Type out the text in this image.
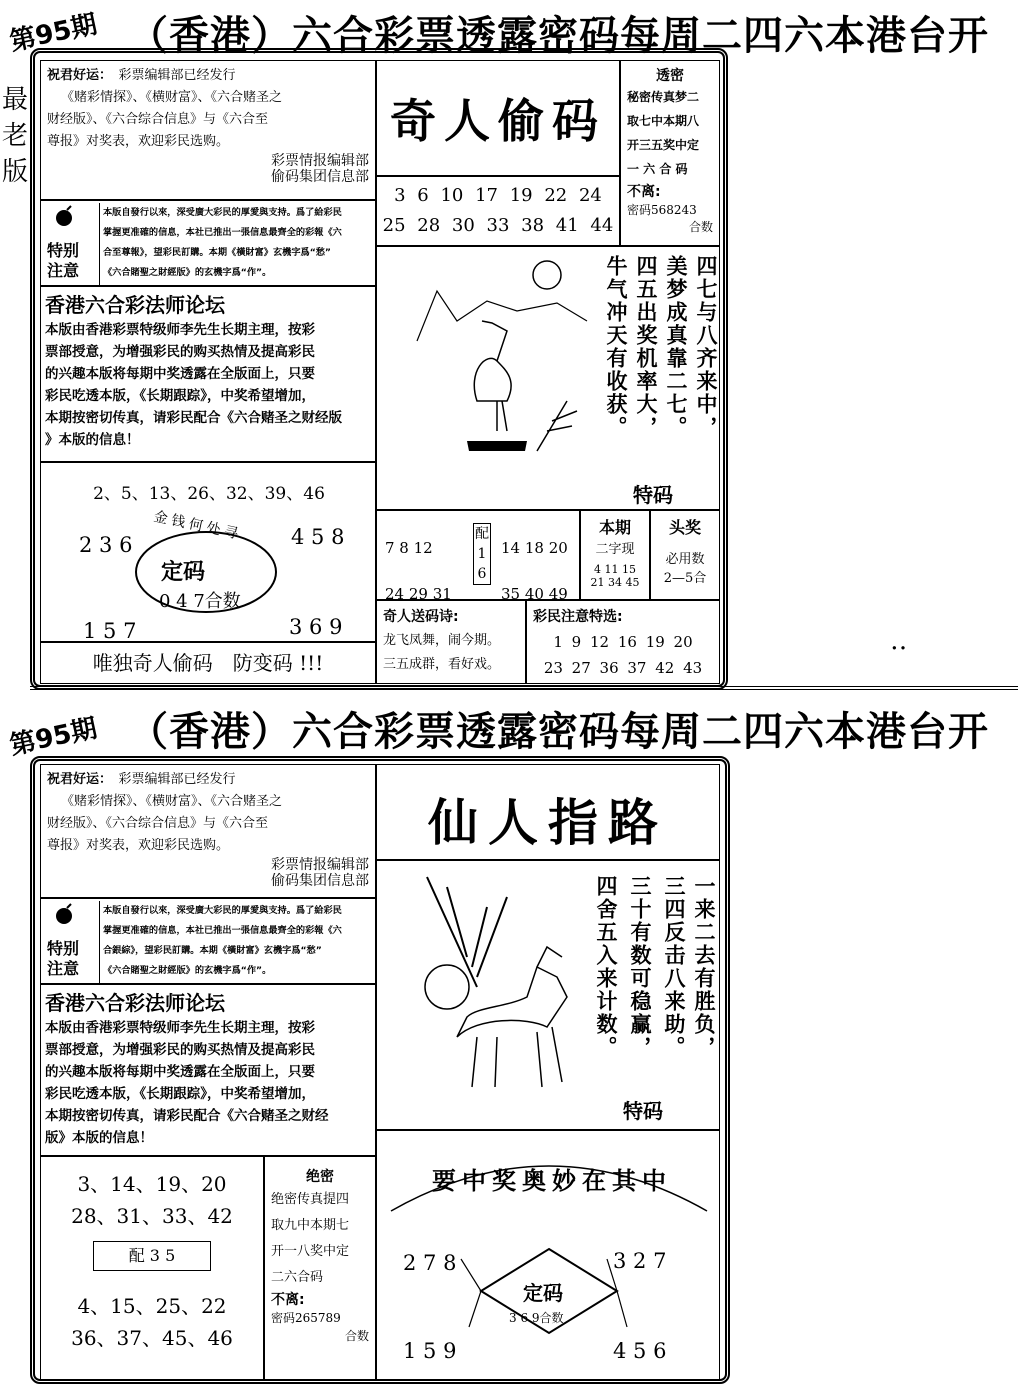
第95期 （香港）六合彩票透露密码每周二四六本港台开
最
老
版
祝君好运：　 彩票编辑部已经发行
《赌彩情探》、《横财富》、《六合赌圣之
财经版》、《六合综合信息》与《六合至
尊报》对奖表，欢迎彩民选购。
彩票情报编辑部
偷码集团信息部
奇人偷码
3 6 10 17 19 22 24
25 28 30 33 38 41 44
透密
秘密传真梦二
取七中本期八
开三五奖中定
一 六 合 码
不离:
密码568243
合数
特别
注意
本版自發行以來，深受廣大彩民的厚愛與支持。爲了給彩民
掌握更准確的信息，本社已推出一張信息最齊全的彩報《六
合至尊報》，望彩民訂購。本期《橫財富》玄機字爲“愁”
《六合賭聖之財經版》的玄機字爲“作”。	四七与八齐来中，
美梦成真靠二七。
四五出奖机率大，
牛气冲天有收获。
特码
香港六合彩法师论坛
本版由香港彩票特级师李先生长期主理，按彩
票部授意，为增强彩民的购买热情及提高彩民
的兴趣本版将每期中奖透露在全版面上，只要
彩民吃透本版，《长期跟踪》，中奖希望增加，
本期按密切传真，请彩民配合《六合赌圣之财经版
》本版的信息！
2、5、13、26、32、39、46
金钱何处寻
2 3 6	4 5 8
定码
0 4 7合数
1 5 7	3 6 9
唯独奇人偷码　防变码 !!!
7 8 12
24 29 31
配
1
6
14 18 20
35 40 49
本期
二字现
4 11 15
21 34 45
头奖
必用数
2—5合
奇人送码诗:
龙飞凤舞，闹今期。
三五成群，看好戏。
彩民注意特选:
1 9 12 16 19 20
23 27 36 37 42 43
‥
第95期 （香港）六合彩票透露密码每周二四六本港台开
祝君好运：　 彩票编辑部已经发行
《赌彩情探》、《横财富》、《六合赌圣之
财经版》、《六合综合信息》与《六合至
尊报》对奖表，欢迎彩民选购。
彩票情报编辑部
偷码集团信息部
仙人指路
特别
注意
本版自發行以來，深受廣大彩民的厚愛與支持。爲了給彩民
掌握更准確的信息，本社已推出一張信息最齊全的彩報《六
合銀綜》，望彩民訂購。本期《橫財富》玄機字爲“愁”
《六合賭聖之財經版》的玄機字爲“作”。
香港六合彩法师论坛
本版由香港彩票特级师李先生长期主理，按彩
票部授意，为增强彩民的购买热情及提高彩民
的兴趣本版将每期中奖透露在全版面上，只要
彩民吃透本版，《长期跟踪》，中奖希望增加，
本期按密切传真，请彩民配合《六合赌圣之财经
版》本版的信息！
一来二去有胜负，
三四反击八来助。
三十有数可稳赢，
四舍五入来计数。
特码
3、14、19、20
28、31、33、42
配 3 5
4、15、25、22
36、37、45、46
绝密
绝密传真提四
取九中本期七
开一八奖中定
二六合码
不离:
密码265789
合数
要中奖奥妙在其中
2 7 8	3 2 7
定码
3 6 9合数
1 5 9	4 5 6
